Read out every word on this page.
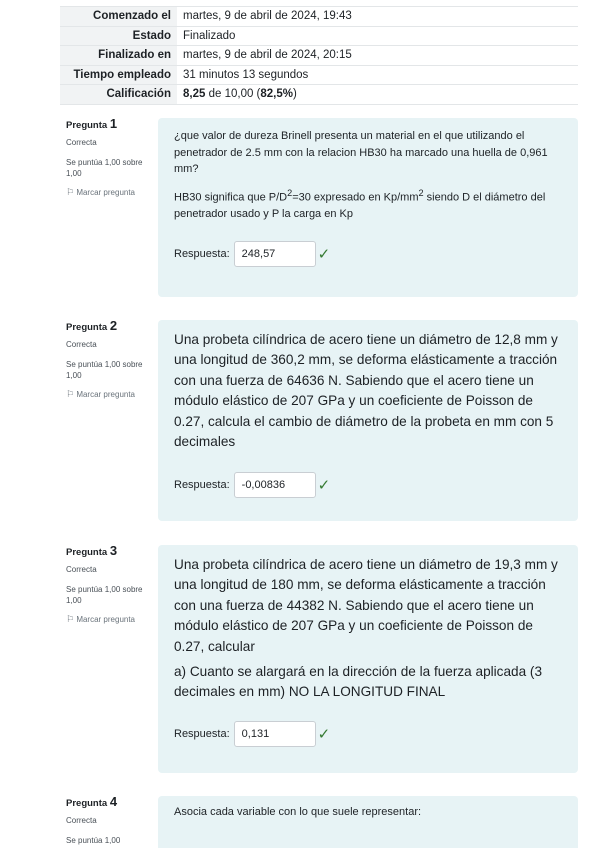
Comenzado el	martes, 9 de abril de 2024, 19:43
Estado	Finalizado
Finalizado en	martes, 9 de abril de 2024, 20:15
Tiempo empleado	31 minutos 13 segundos
Calificación	8,25 de 10,00 (82,5%)
Pregunta 1
Correcta
Se puntúa 1,00 sobre 1,00
⚐ Marcar pregunta

¿que valor de dureza Brinell presenta un material en el que utilizando el penetrador de 2.5 mm con la relacion HB30 ha marcado una huella de 0,961 mm?

HB30 significa que $P/D^2=30$ expresado en $Kp/mm^2$ siendo D el diámetro del penetrador usado y P la carga en Kp

Respuesta:	248,57	✓
Pregunta 2
Correcta
Se puntúa 1,00 sobre 1,00
⚐ Marcar pregunta

Una probeta cilíndrica de acero tiene un diámetro de 12,8 mm y una longitud de 360,2 mm, se deforma elásticamente a tracción con una fuerza de 64636 N. Sabiendo que el acero tiene un módulo elástico de 207 GPa y un coeficiente de Poisson de 0.27, calcula el cambio de diámetro de la probeta en mm con 5 decimales

Respuesta:	-0,00836	✓
Pregunta 3
Correcta
Se puntúa 1,00 sobre 1,00
⚐ Marcar pregunta

Una probeta cilíndrica de acero tiene un diámetro de 19,3 mm y una longitud de 180 mm, se deforma elásticamente a tracción con una fuerza de 44382 N. Sabiendo que el acero tiene un módulo elástico de 207 GPa y un coeficiente de Poisson de 0.27, calcular

a) Cuanto se alargará en la dirección de la fuerza aplicada (3 decimales en mm) NO LA LONGITUD FINAL

Respuesta:	0,131	✓
Pregunta 4
Correcta
Se puntúa 1,00

Asocia cada variable con lo que suele representar:
